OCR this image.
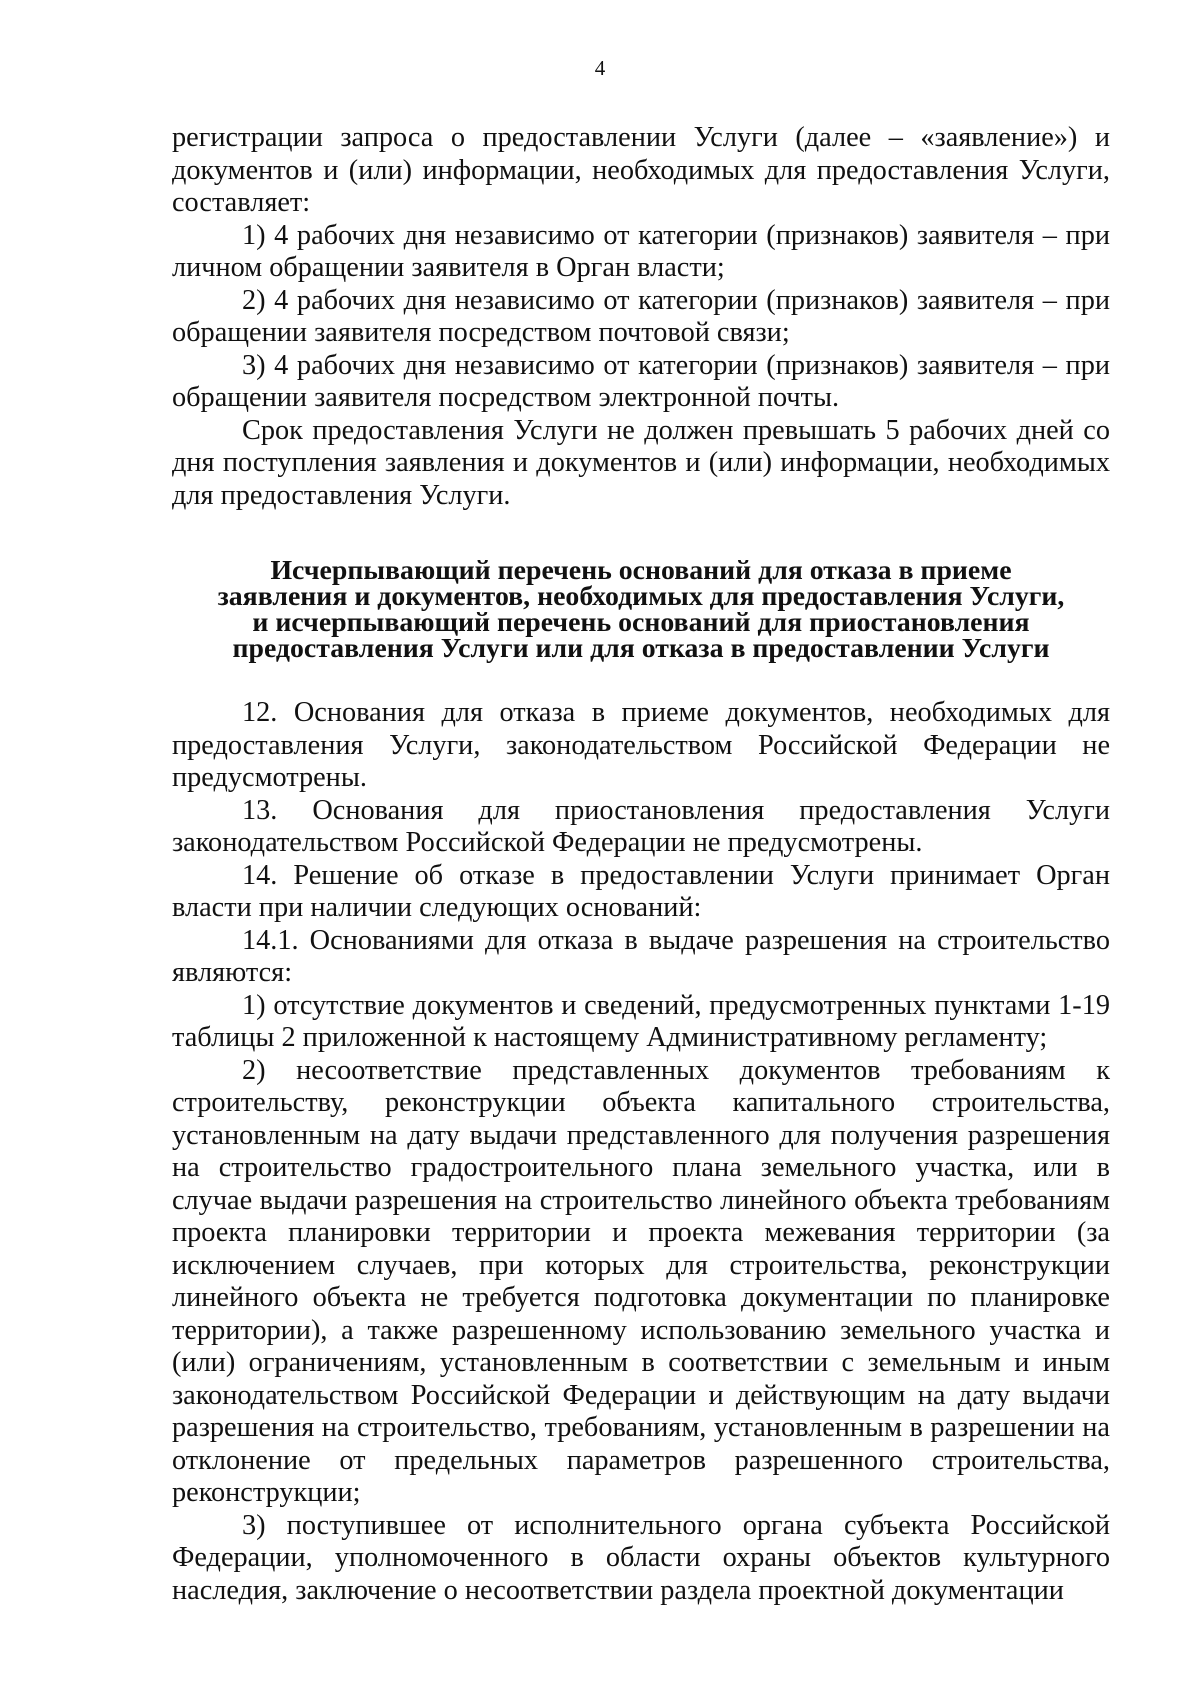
4

регистрации запроса о предоставлении Услуги (далее – «заявление») и документов и (или) информации, необходимых для предоставления Услуги, составляет:

1) 4 рабочих дня независимо от категории (признаков) заявителя – при личном обращении заявителя в Орган власти;

2) 4 рабочих дня независимо от категории (признаков) заявителя – при обращении заявителя посредством почтовой связи;

3) 4 рабочих дня независимо от категории (признаков) заявителя – при обращении заявителя посредством электронной почты.

Срок предоставления Услуги не должен превышать 5 рабочих дней со дня поступления заявления и документов и (или) информации, необходимых для предоставления Услуги.

Исчерпывающий перечень оснований для отказа в приеме
заявления и документов, необходимых для предоставления Услуги,
и исчерпывающий перечень оснований для приостановления
предоставления Услуги или для отказа в предоставлении Услуги

12. Основания для отказа в приеме документов, необходимых для предоставления Услуги, законодательством Российской Федерации не предусмотрены.

13. Основания для приостановления предоставления Услуги законодательством Российской Федерации не предусмотрены.

14. Решение об отказе в предоставлении Услуги принимает Орган власти при наличии следующих оснований:

14.1. Основаниями для отказа в выдаче разрешения на строительство являются:

1) отсутствие документов и сведений, предусмотренных пунктами 1-19 таблицы 2 приложенной к настоящему Административному регламенту;

2) несоответствие представленных документов требованиям к строительству, реконструкции объекта капитального строительства, установленным на дату выдачи представленного для получения разрешения на строительство градостроительного плана земельного участка, или в случае выдачи разрешения на строительство линейного объекта требованиям проекта планировки территории и проекта межевания территории (за исключением случаев, при которых для строительства, реконструкции линейного объекта не требуется подготовка документации по планировке территории), а также разрешенному использованию земельного участка и (или) ограничениям, установленным в соответствии с земельным и иным законодательством Российской Федерации и действующим на дату выдачи разрешения на строительство, требованиям, установленным в разрешении на отклонение от предельных параметров разрешенного строительства, реконструкции;

3) поступившее от исполнительного органа субъекта Российской Федерации, уполномоченного в области охраны объектов культурного наследия, заключение о несоответствии раздела проектной документации
